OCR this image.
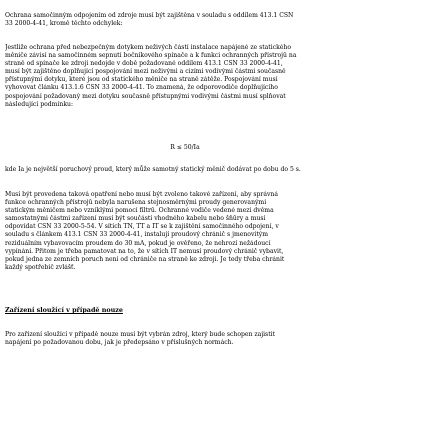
Ochrana samočinným odpojením od zdroje musí být zajištěna v souladu s oddílem 413.1 ČSN
33 2000-4-41, kromě těchto odchylek:

Jestliže ochrana před nebezpečným dotykem neživých částí instalace napájené ze statického
měniče závisí na samočinném sepnutí bočníkového spínače a k funkci ochranných přístrojů na
straně od spínače ke zdroji nedojde v době požadované oddílem 413.1 ČSN 33 2000-4-41,
musí být zajištěno doplňující pospojování mezi neživými a cizími vodivými částmi současně
přístupnými dotyku, které jsou od statického měniče na straně zátěže. Pospojování musí
vyhovovat článku 413.1.6 ČSN 33 2000-4-41. To znamená, že odporovodiče doplňujícího
pospojování požadovaný mezi dotyku současně přístupnými vodivými částmi musí splňovat
následující podmínku:

R ≤ 50/Ia

kde Ia je největší poruchový proud, který může samotný statický měnič dodávat po dobu do 5 s.

Musí být provedena taková opatření nebo musí být zvoleno takové zařízení, aby správná
funkce ochranných přístrojů nebyla narušena stejnosměrnými proudy generovanými
statickým měničem nebo vzniklými pomocí filtrů. Ochranné vodiče vedené mezi dvěma
samostatnými částmi zařízení musí být součástí vhodného kabelu nebo šňůry a musí
odpovídat ČSN 33 2000-5-54. V sítích TN, TT a IT se k zajištění samočinného odpojení, v
souladu s článkem 413.1 ČSN 33 2000-4-41, instalují proudový chránič s jmenovitým
reziduálním vybavovacím proudem do 30 mA, pokud je ověřeno, že nehrozí nežádoucí
vypínání. Přitom je třeba pamatovat na to, že v sítích IT nemusí proudový chránič vybavit,
pokud jedna ze zemních poruch není od chrániče na straně ke zdroji. Je tedy třeba chránit
každý spotřebič zvlášť.

Zařízení sloužící v případě nouze

Pro zařízení sloužící v případě nouze musí být vybrán zdroj, který bude schopen zajistit
napájení po požadovanou dobu, jak je předepsáno v příslušných normách.
